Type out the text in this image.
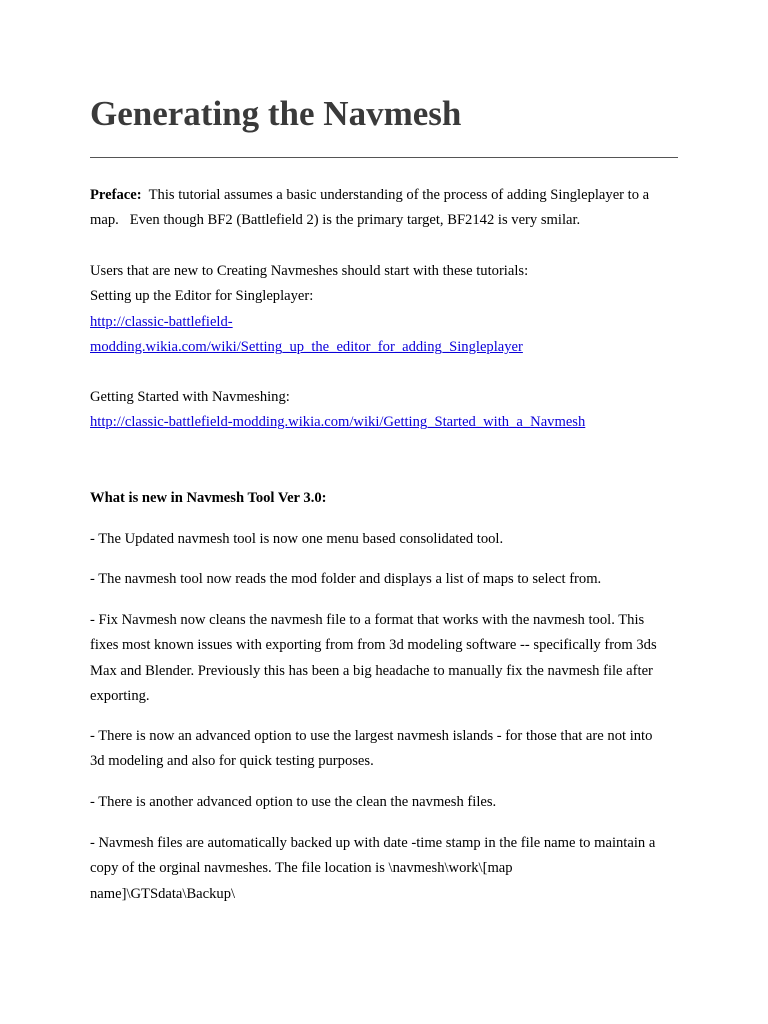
Generating the Navmesh
Preface: This tutorial assumes a basic understanding of the process of adding Singleplayer to a
map.   Even though BF2 (Battlefield 2) is the primary target, BF2142 is very smilar.
Users that are new to Creating Navmeshes should start with these tutorials:
Setting up the Editor for Singleplayer:
http://classic-battlefield-
modding.wikia.com/wiki/Setting_up_the_editor_for_adding_Singleplayer
Getting Started with Navmeshing:
http://classic-battlefield-modding.wikia.com/wiki/Getting_Started_with_a_Navmesh
What is new in Navmesh Tool Ver 3.0:
- The Updated navmesh tool is now one menu based consolidated tool.
- The navmesh tool now reads the mod folder and displays a list of maps to select from.
- Fix Navmesh now cleans the navmesh file to a format that works with the navmesh tool. This
fixes most known issues with exporting from from 3d modeling software -- specifically from 3ds
Max and Blender. Previously this has been a big headache to manually fix the navmesh file after
exporting.
- There is now an advanced option to use the largest navmesh islands - for those that are not into
3d modeling and also for quick testing purposes.
- There is another advanced option to use the clean the navmesh files.
- Navmesh files are automatically backed up with date -time stamp in the file name to maintain a
copy of the orginal navmeshes. The file location is \navmesh\work\[map
name]\GTSdata\Backup\
